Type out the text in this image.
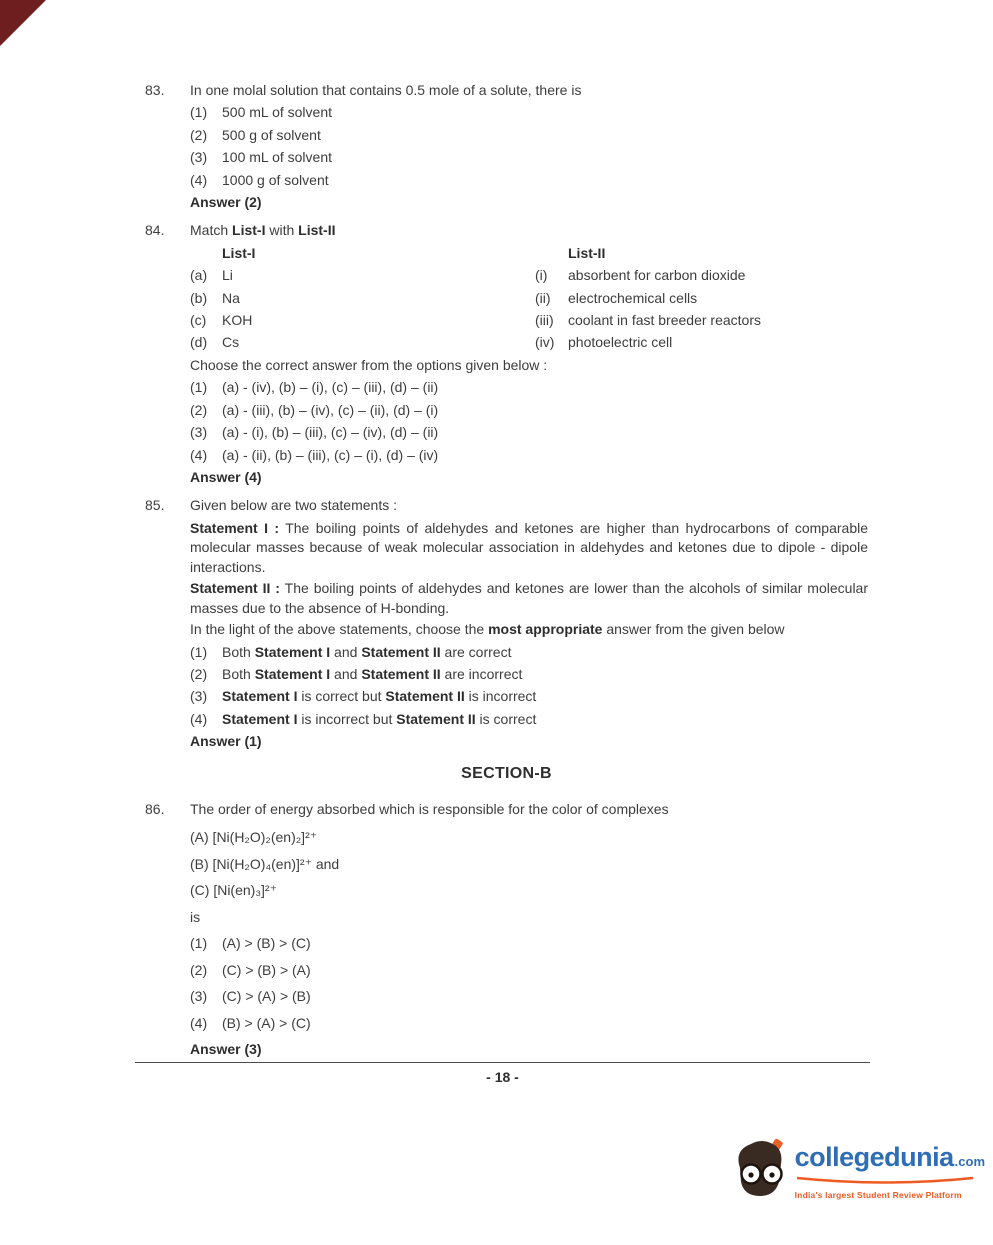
83.	In one molal solution that contains 0.5 mole of a solute, there is
(1)	500 mL of solvent
(2)	500 g of solvent
(3)	100 mL of solvent
(4)	1000 g of solvent
Answer (2)
84.	Match List-I with List-II
List-I	List-II
(a)	Li	(i)	absorbent for carbon dioxide
(b)	Na	(ii)	electrochemical cells
(c)	KOH	(iii)	coolant in fast breeder reactors
(d)	Cs	(iv) photoelectric cell
Choose the correct answer from the options given below :
(1)	(a) - (iv), (b) – (i), (c) – (iii), (d) – (ii)
(2)	(a) - (iii), (b) – (iv), (c) – (ii), (d) – (i)
(3)	(a) - (i), (b) – (iii), (c) – (iv), (d) – (ii)
(4)	(a) - (ii), (b) – (iii), (c) – (i), (d) – (iv)
Answer (4)
85.	Given below are two statements :

Statement I : The boiling points of aldehydes and ketones are higher than hydrocarbons of comparable molecular masses because of weak molecular association in aldehydes and ketones due to dipole - dipole interactions.

Statement II : The boiling points of aldehydes and ketones are lower than the alcohols of similar molecular masses due to the absence of H-bonding.

In the light of the above statements, choose the most appropriate answer from the given below
(1)	Both Statement I and Statement II are correct
(2)	Both Statement I and Statement II are incorrect
(3)	Statement I is correct but Statement II is incorrect
(4)	Statement I is incorrect but Statement II is correct
Answer (1)
SECTION-B
86.	The order of energy absorbed which is responsible for the color of complexes
(A) [Ni(H₂O)₂(en)₂]²⁺
(B) [Ni(H₂O)₄(en)]²⁺ and
(C) [Ni(en)₃]²⁺
is
(1)	(A) > (B) > (C)
(2)	(C) > (B) > (A)
(3)	(C) > (A) > (B)
(4)	(B) > (A) > (C)
Answer (3)
- 18 -
collegedunia .com
India's largest Student Review Platform
